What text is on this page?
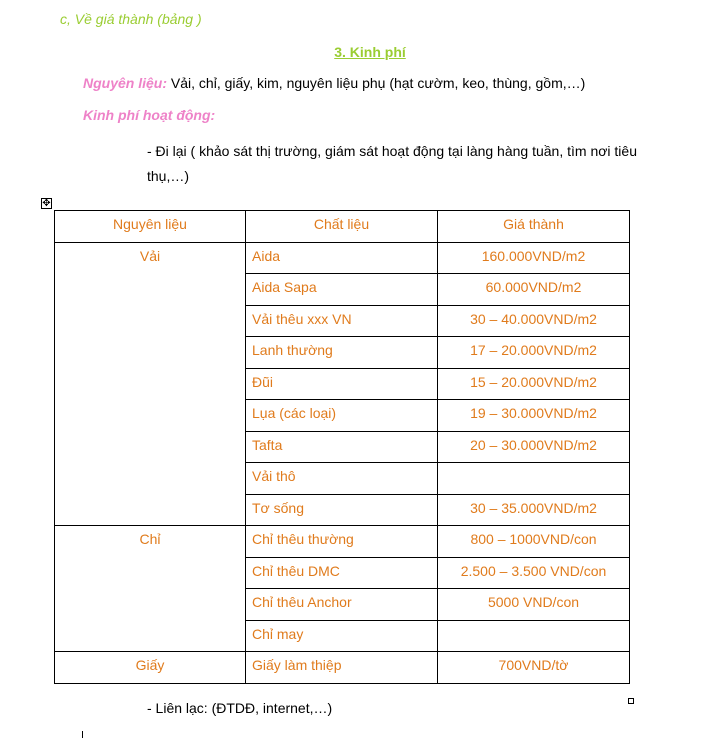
c, Về giá thành (bảng )
3. Kinh phí
Nguyên liệu: Vải, chỉ, giấy, kim, nguyên liệu phụ (hạt cườm, keo, thùng, gồm,…)
Kinh phí hoạt động:
- Đi lại ( khảo sát thị trường, giám sát hoạt động tại làng hàng tuần, tìm nơi tiêu thụ,…)
✥
Nguyên liệu	Chất liệu	Giá thành
Vải	Aida	160.000VND/m2
	Aida Sapa	60.000VND/m2
	Vải thêu xxx VN	30 – 40.000VND/m2
	Lanh thường	17 – 20.000VND/m2
	Đũi	15 – 20.000VND/m2
	Lụa (các loại)	19 – 30.000VND/m2
	Tafta	20 – 30.000VND/m2
	Vải thô	
	Tơ sống	30 – 35.000VND/m2
Chỉ	Chỉ thêu thường	800 – 1000VND/con
	Chỉ thêu DMC	2.500 – 3.500 VND/con
	Chỉ thêu Anchor	5000 VND/con
	Chỉ may	
Giấy	Giấy làm thiệp	700VND/tờ
- Liên lạc: (ĐTDĐ, internet,…)
